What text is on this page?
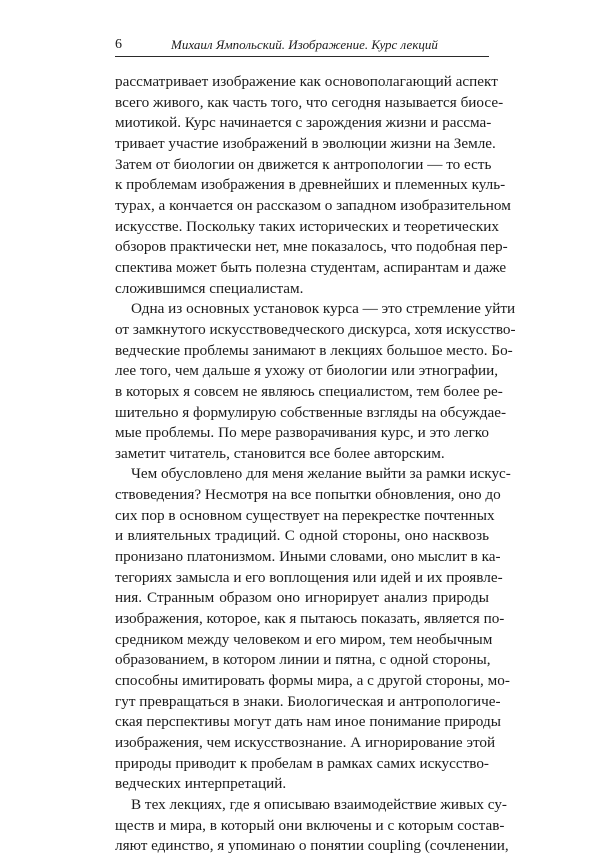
6	Михаил Ямпольский. Изображение. Курс лекций

рассматривает изображение как основополагающий аспект
всего живого, как часть того, что сегодня называется биосе-
миотикой. Курс начинается с зарождения жизни и рассма-
тривает участие изображений в эволюции жизни на Земле.
Затем от биологии он движется к антропологии — то есть
к проблемам изображения в древнейших и племенных куль-
турах, а кончается он рассказом о западном изобразительном
искусстве. Поскольку таких исторических и теоретических
обзоров практически нет, мне показалось, что подобная пер-
спектива может быть полезна студентам, аспирантам и даже
сложившимся специалистам.

Одна из основных установок курса — это стремление уйти
от замкнутого искусствоведческого дискурса, хотя искусство-
ведческие проблемы занимают в лекциях большое место. Бо-
лее того, чем дальше я ухожу от биологии или этнографии,
в которых я совсем не являюсь специалистом, тем более ре-
шительно я формулирую собственные взгляды на обсуждае-
мые проблемы. По мере разворачивания курс, и это легко
заметит читатель, становится все более авторским.

Чем обусловлено для меня желание выйти за рамки искус-
ствоведения? Несмотря на все попытки обновления, оно до
сих пор в основном существует на перекрестке почтенных
и влиятельных традиций. С одной стороны, оно насквозь
пронизано платонизмом. Иными словами, оно мыслит в ка-
тегориях замысла и его воплощения или идей и их проявле-
ния. Странным образом оно игнорирует анализ природы
изображения, которое, как я пытаюсь показать, является по-
средником между человеком и его миром, тем необычным
образованием, в котором линии и пятна, с одной стороны,
способны имитировать формы мира, а с другой стороны, мо-
гут превращаться в знаки. Биологическая и антропологиче-
ская перспективы могут дать нам иное понимание природы
изображения, чем искусствознание. А игнорирование этой
природы приводит к пробелам в рамках самих искусство-
ведческих интерпретаций.

В тех лекциях, где я описываю взаимодействие живых су-
ществ и мира, в который они включены и с которым состав-
ляют единство, я упоминаю о понятии coupling (сочленении,
